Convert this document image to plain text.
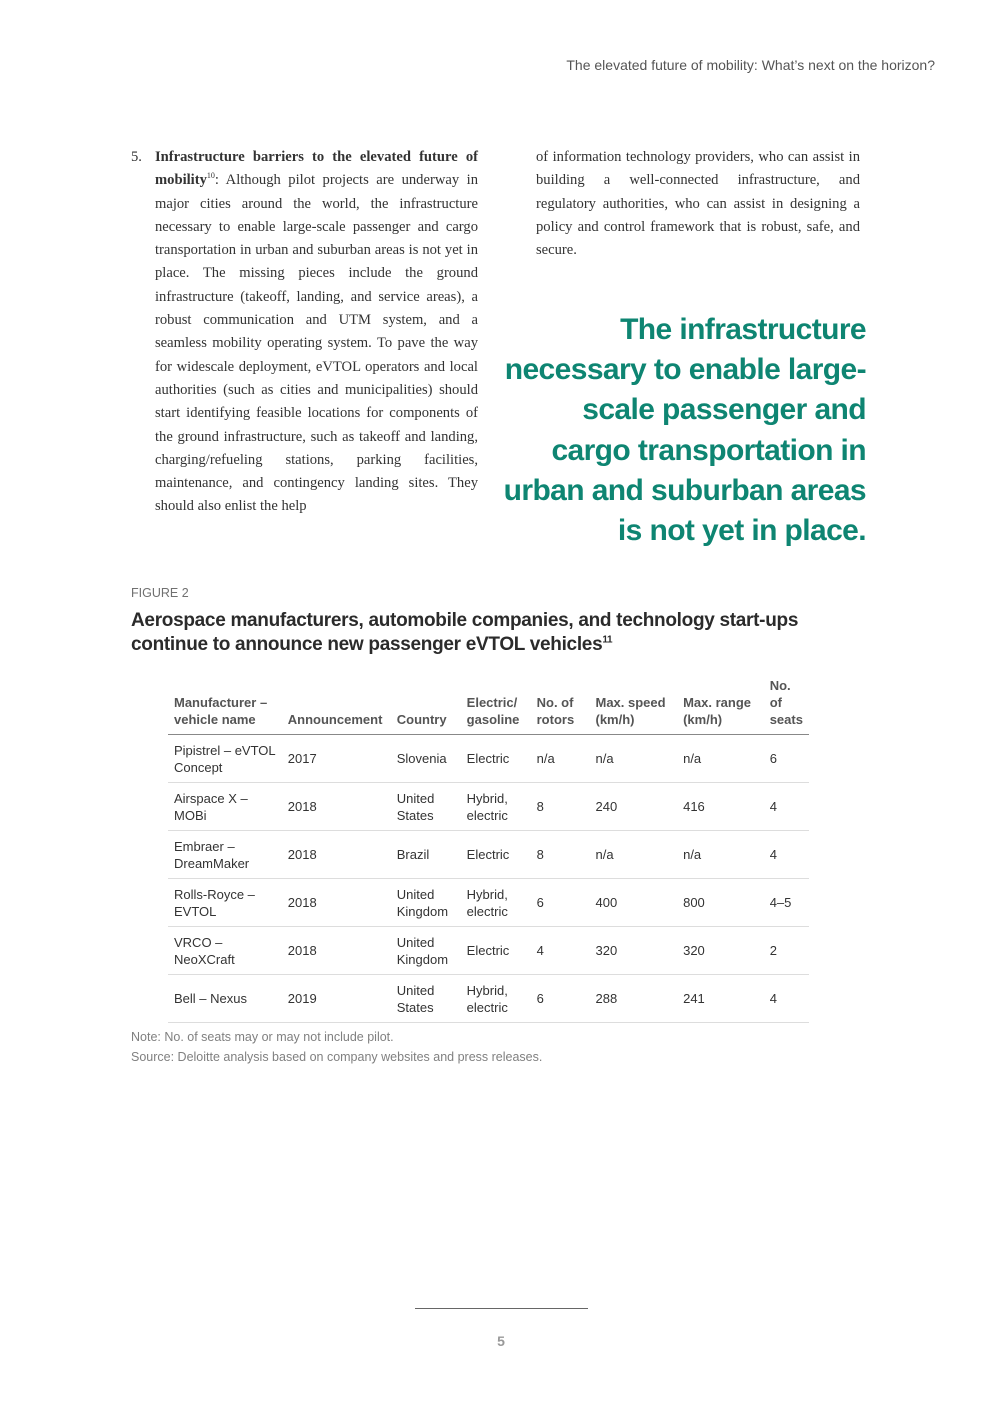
The elevated future of mobility: What’s next on the horizon?
5. Infrastructure barriers to the elevated future of mobility$^{10}$: Although pilot projects are underway in major cities around the world, the infrastructure necessary to enable large-scale passenger and cargo transportation in urban and suburban areas is not yet in place. The missing pieces include the ground infrastructure (takeoff, landing, and service areas), a robust communication and UTM system, and a seamless mobility operating system. To pave the way for widescale deployment, eVTOL operators and local authorities (such as cities and municipalities) should start identifying feasible locations for components of the ground infrastructure, such as takeoff and landing, charging/refueling stations, parking facilities, maintenance, and contingency landing sites. They should also enlist the help
of information technology providers, who can assist in building a well-connected infrastructure, and regulatory authorities, who can assist in designing a policy and control framework that is robust, safe, and secure.
The infrastructure necessary to enable large-scale passenger and cargo transportation in urban and suburban areas is not yet in place.
FIGURE 2
Aerospace manufacturers, automobile companies, and technology start-ups continue to announce new passenger eVTOL vehicles$^{11}$
Manufacturer – vehicle name	Announcement	Country	Electric/ gasoline	No. of rotors	Max. speed (km/h)	Max. range (km/h)	No. of seats
Pipistrel – eVTOL Concept	2017	Slovenia	Electric	n/a	n/a	n/a	6
Airspace X – MOBi	2018	United States	Hybrid, electric	8	240	416	4
Embraer – DreamMaker	2018	Brazil	Electric	8	n/a	n/a	4
Rolls-Royce – EVTOL	2018	United Kingdom	Hybrid, electric	6	400	800	4–5
VRCO – NeoXCraft	2018	United Kingdom	Electric	4	320	320	2
Bell – Nexus	2019	United States	Hybrid, electric	6	288	241	4
Note: No. of seats may or may not include pilot.
Source: Deloitte analysis based on company websites and press releases.
5
